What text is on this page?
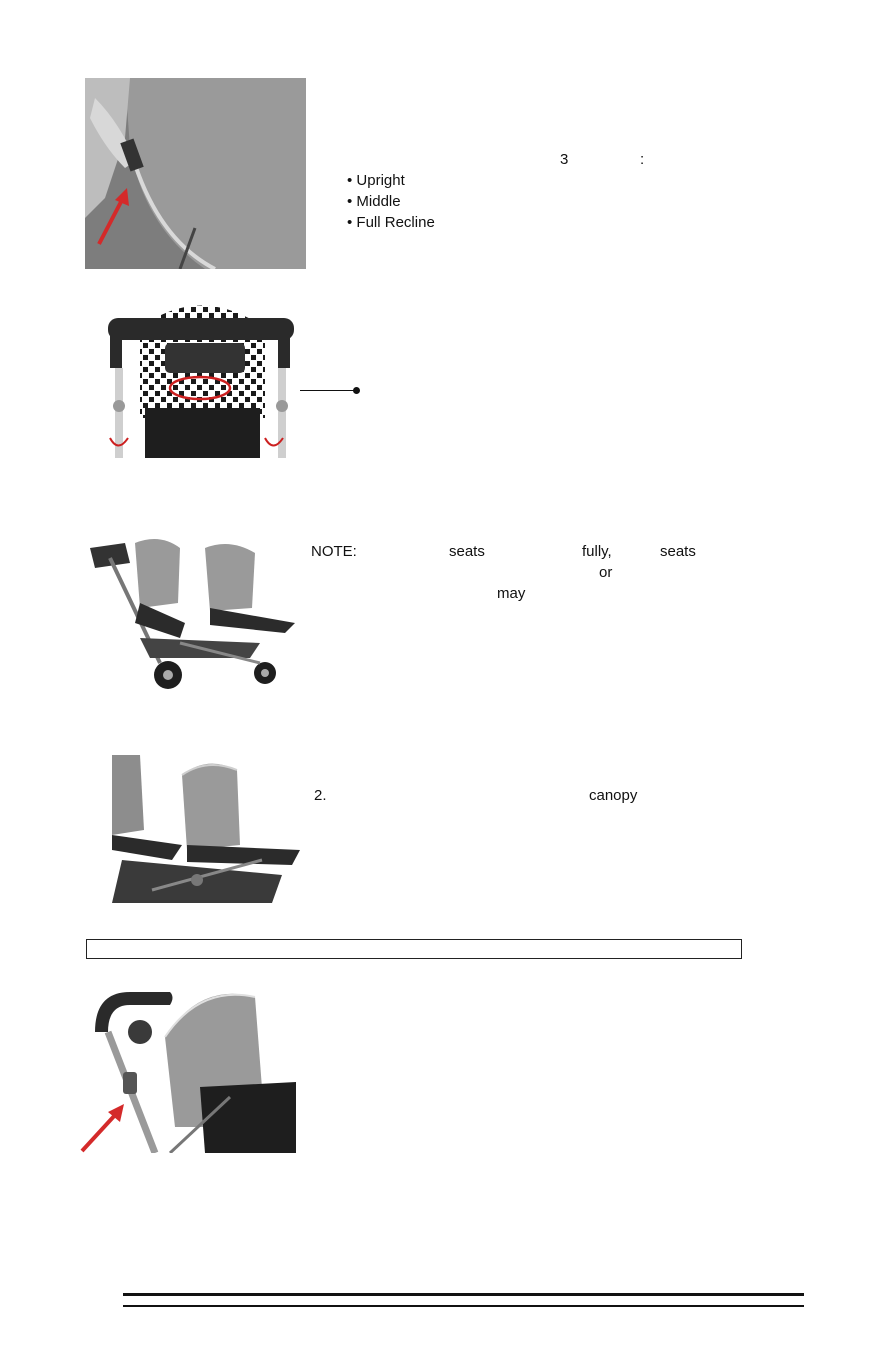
3	:
• Upright
• Middle
• Full Recline
NOTE:	seats	fully,	seats
or
may
2.	canopy
